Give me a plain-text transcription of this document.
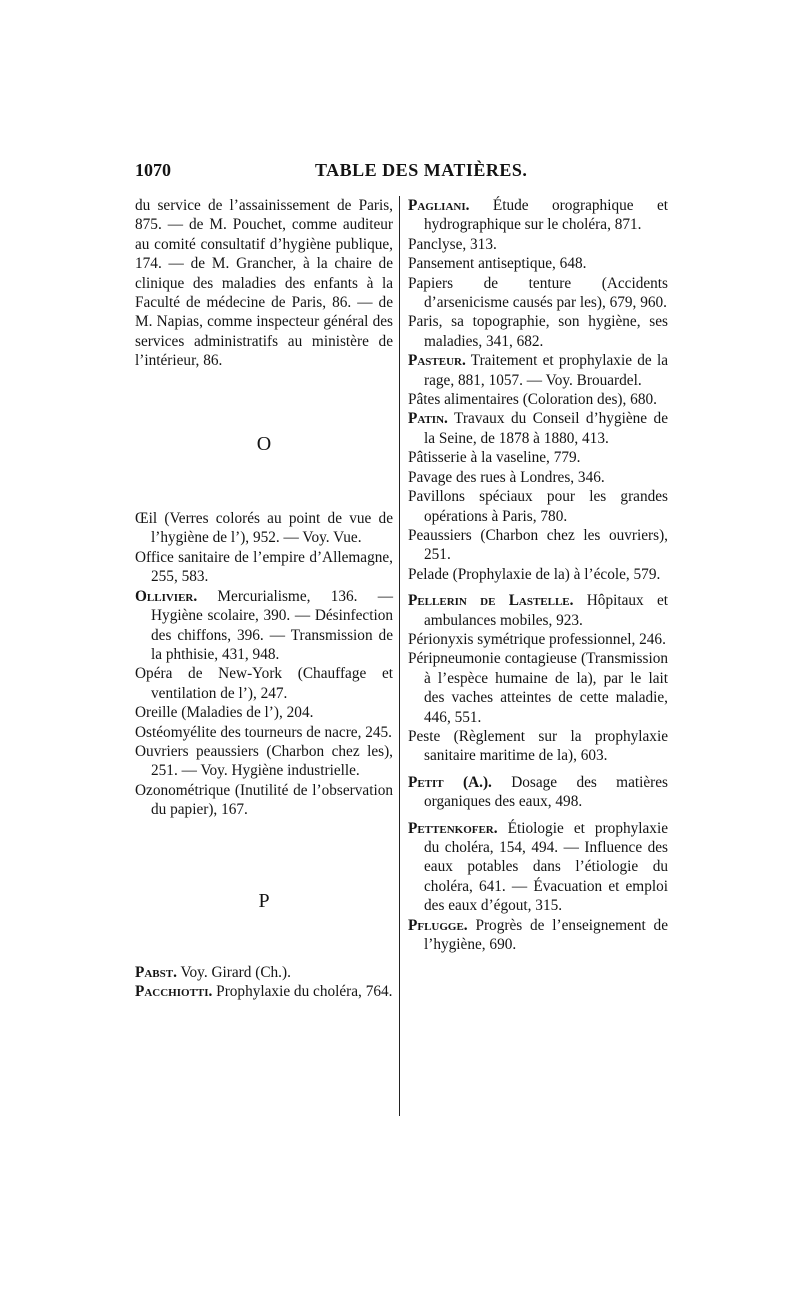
1070	TABLE DES MATIÈRES.
du service de l’assainissement de Paris, 875. — de M. Pouchet, comme auditeur au comité consultatif d’hygiène publique, 174. — de M. Grancher, à la chaire de clinique des maladies des enfants à la Faculté de médecine de Paris, 86. — de M. Napias, comme inspecteur général des services administratifs au ministère de l’intérieur, 86.
O
Œil (Verres colorés au point de vue de l’hygiène de l’), 952. — Voy. Vue.
Office sanitaire de l’empire d’Allemagne, 255, 583.
Ollivier. Mercurialisme, 136. — Hygiène scolaire, 390. — Désinfection des chiffons, 396. — Transmission de la phthisie, 431, 948.
Opéra de New-York (Chauffage et ventilation de l’), 247.
Oreille (Maladies de l’), 204.
Ostéomyélite des tourneurs de nacre, 245.
Ouvriers peaussiers (Charbon chez les), 251. — Voy. Hygiène industrielle.
Ozonométrique (Inutilité de l’observation du papier), 167.
P
Pabst. Voy. Girard (Ch.).
Pacchiotti. Prophylaxie du choléra, 764.
Pagliani. Étude orographique et hydrographique sur le choléra, 871.
Panclyse, 313.
Pansement antiseptique, 648.
Papiers de tenture (Accidents d’arsenicisme causés par les), 679, 960.
Paris, sa topographie, son hygiène, ses maladies, 341, 682.
Pasteur. Traitement et prophylaxie de la rage, 881, 1057. — Voy. Brouardel.
Pâtes alimentaires (Coloration des), 680.
Patin. Travaux du Conseil d’hygiène de la Seine, de 1878 à 1880, 413.
Pâtisserie à la vaseline, 779.
Pavage des rues à Londres, 346.
Pavillons spéciaux pour les grandes opérations à Paris, 780.
Peaussiers (Charbon chez les ouvriers), 251.
Pelade (Prophylaxie de la) à l’école, 579.
Pellerin de Lastelle. Hôpitaux et ambulances mobiles, 923.
Périonyxis symétrique professionnel, 246.
Péripneumonie contagieuse (Transmission à l’espèce humaine de la), par le lait des vaches atteintes de cette maladie, 446, 551.
Peste (Règlement sur la prophylaxie sanitaire maritime de la), 603.
Petit (A.). Dosage des matières organiques des eaux, 498.
Pettenkofer. Étiologie et prophylaxie du choléra, 154, 494. — Influence des eaux potables dans l’étiologie du choléra, 641. — Évacuation et emploi des eaux d’égout, 315.
Pflugge. Progrès de l’enseignement de l’hygiène, 690.
